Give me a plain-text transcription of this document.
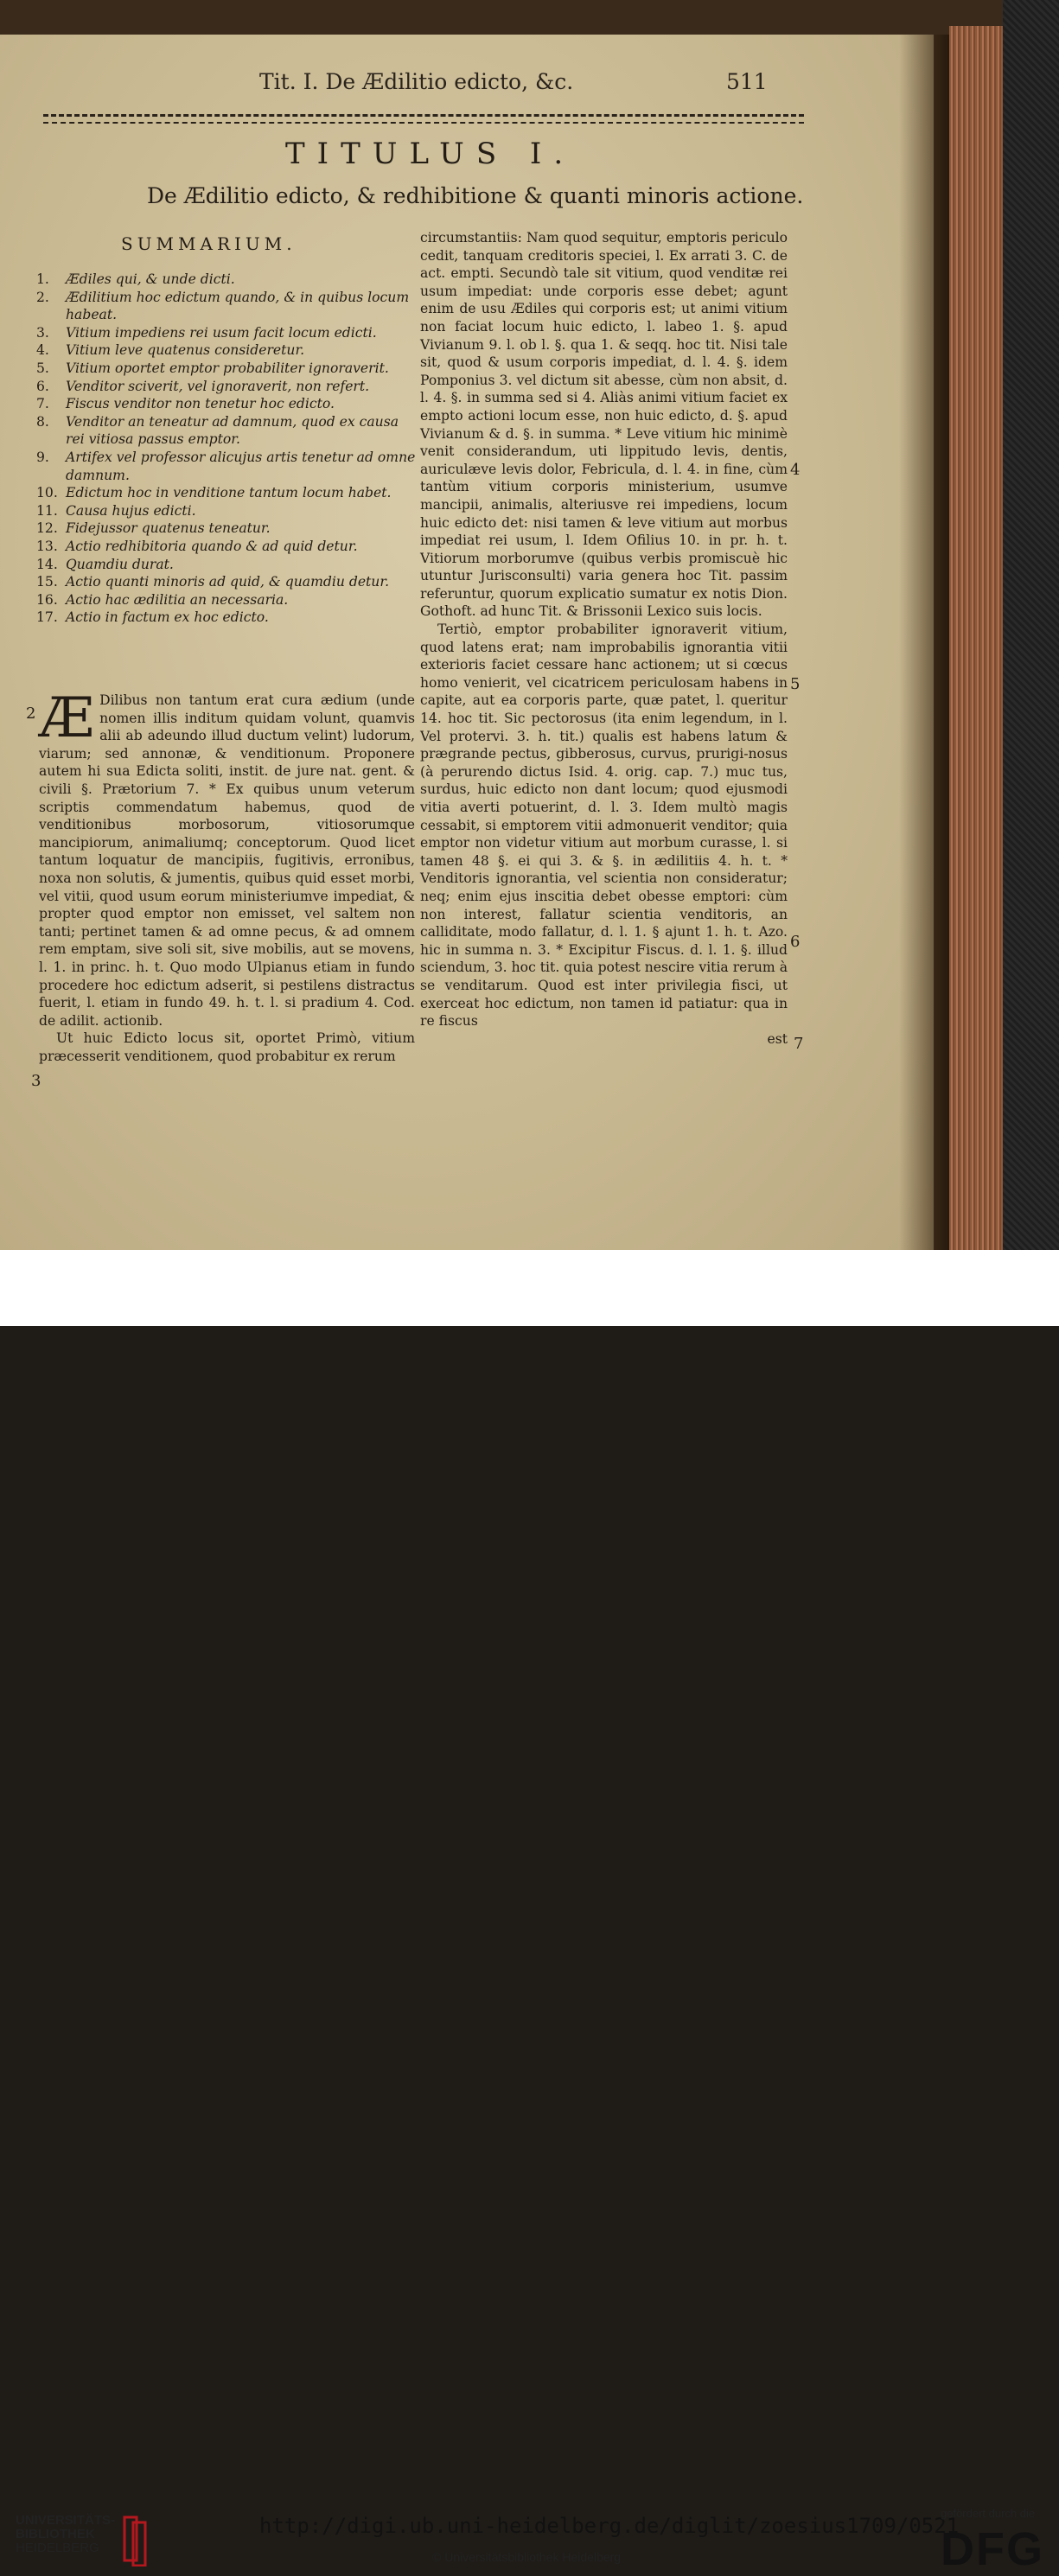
Tit. I. De Ædilitio edicto, &c.	511
TITULUS I.
De Ædilitio edicto, & redhibitione & quanti minoris actione.
SUMMARIUM.
1.	Ædiles qui, & unde dicti.
2.	Ædilitium hoc edictum quando, & in quibus locum habeat.
3.	Vitium impediens rei usum facit locum edicti.
4.	Vitium leve quatenus consideretur.
5.	Vitium oportet emptor probabiliter ignoraverit.
6.	Venditor sciverit, vel ignoraverit, non refert.
7.	Fiscus venditor non tenetur hoc edicto.
8.	Venditor an teneatur ad damnum, quod ex causa rei vitiosa passus emptor.
9.	Artifex vel professor alicujus artis tenetur ad omne damnum.
10. Edictum hoc in venditione tantum locum habet.
11. Causa hujus edicti.
12. Fidejussor quatenus teneatur.
13. Actio redhibitoria quando & ad quid detur.
14. Quamdiu durat.
15. Actio quanti minoris ad quid, & quamdiu detur.
16. Actio hac ædilitia an necessaria.
17. Actio in factum ex hoc edicto.

Æ Dilibus non tantum erat cura ædium (unde nomen illis inditum quidam volunt, quamvis alii ab adeundo illud ductum velint) ludorum, viarum; sed annonæ, & venditionum. Proponere autem hi sua Edicta soliti, instit. de jure nat. gent. & civili §. Prætorium 7. * Ex quibus unum veterum scriptis commendatum habemus, quod de venditionibus morbosorum, vitiosorumque mancipiorum, animaliumq; conceptorum. Quod licet tantum loquatur de mancipiis, fugitivis, erronibus, noxa non solutis, & jumentis, quibus quid esset morbi, vel vitii, quod usum eorum ministeriumve impediat, & propter quod emptor non emisset, vel saltem non tanti; pertinet tamen & ad omne pecus, & ad omnem rem emptam, sive soli sit, sive mobilis, aut se movens, l. 1. in princ. h. t. Quo modo Ulpianus etiam in fundo procedere hoc edictum adserit, si pestilens distractus fuerit, l. etiam in fundo 49. h. t. l. si pradium 4. Cod. de adilit. actionib.

Ut huic Edicto locus sit, oportet Primò, vitium præcesserit venditionem, quod probabitur ex rerum

circumstantiis: Nam quod sequitur, emptoris periculo cedit, tanquam creditoris speciei, l. Ex arrati 3. C. de act. empti. Secundò tale sit vitium, quod venditæ rei usum impediat: unde corporis esse debet; agunt enim de usu Ædiles qui corporis est; ut animi vitium non faciat locum huic edicto, l. labeo 1. §. apud Vivianum 9. l. ob l. §. qua 1. & seqq. hoc tit. Nisi tale sit, quod & usum corporis impediat, d. l. 4. §. idem Pomponius 3. vel dictum sit abesse, cùm non absit, d. l. 4. §. in summa sed si 4. Aliàs animi vitium faciet ex empto actioni locum esse, non huic edicto, d. §. apud Vivianum & d. §. in summa. * Leve vitium hic minimè venit considerandum, uti lippitudo levis, dentis, auriculæve levis dolor, Febricula, d. l. 4. in fine, cùm tantùm vitium corporis ministerium, usumve mancipii, animalis, alteriusve rei impediens, locum huic edicto det: nisi tamen & leve vitium aut morbus impediat rei usum, l. Idem Ofilius 10. in pr. h. t. Vitiorum morborumve (quibus verbis promiscuè hic utuntur Jurisconsulti) varia genera hoc Tit. passim referuntur, quorum explicatio sumatur ex notis Dion. Gothoft. ad hunc Tit. & Brissonii Lexico suis locis.

Tertiò, emptor probabiliter ignoraverit vitium, quod latens erat; nam improbabilis ignorantia vitii exterioris faciet cessare hanc actionem; ut si cœcus homo venierit, vel cicatricem periculosam habens in capite, aut ea corporis parte, quæ patet, l. queritur 14. hoc tit. Sic pectorosus (ita enim legendum, in l. Vel protervi. 3. h. tit.) qualis est habens latum & prægrande pectus, gibberosus, curvus, prurigi-nosus (à perurendo dictus Isid. 4. orig. cap. 7.) muc tus, surdus, huic edicto non dant locum; quod ejusmodi vitia averti potuerint, d. l. 3. Idem multò magis cessabit, si emptorem vitii admonuerit venditor; quia emptor non videtur vitium aut morbum curasse, l. si tamen 48 §. ei qui 3. & §. in ædilitiis 4. h. t. * Venditoris ignorantia, vel scientia non consideratur; neq; enim ejus inscitia debet obesse emptori: cùm non interest, fallatur scientia venditoris, an calliditate, modo fallatur, d. l. 1. § ajunt 1. h. t. Azo. hic in summa n. 3. * Excipitur Fiscus. d. l. 1. §. illud sciendum, 3. hoc tit. quia potest nescire vitia rerum à se venditarum. Quod est inter privilegia fisci, ut exerceat hoc edictum, non tamen id patiatur: qua in re fiscus

est

2
3
4
5
6
7
UNIVERSITÄTS-
BIBLIOTHEK
HEIDELBERG
http://digi.ub.uni-heidelberg.de/diglit/zoesius1709/0521
© Universitätsbibliothek Heidelberg
gefördert durch die
DFG
